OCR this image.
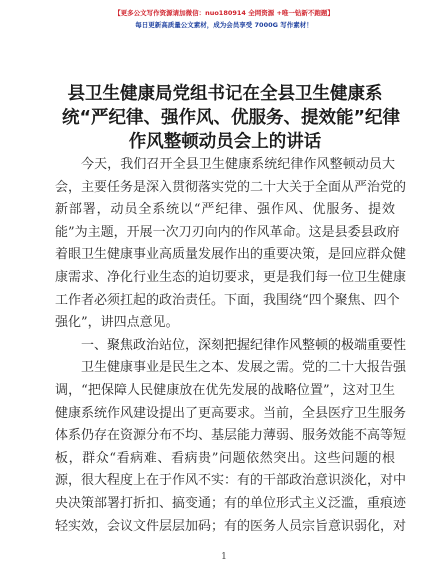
【更多公文写作资源请加微信：nuo180914 全网资源 +唯一钻新不跑题】
每日更新高质量公文素材，成为会员享受 7000G 写作素材！
县卫生健康局党组书记在全县卫生健康系
统“严纪律、强作风、优服务、提效能”纪律
作风整顿动员会上的讲话
今天，我们召开全县卫生健康系统纪律作风整顿动员大
会，主要任务是深入贯彻落实党的二十大关于全面从严治党的
新部署，动员全系统以“严纪律、强作风、优服务、提效
能”为主题，开展一次刀刃向内的作风革命。这是县委县政府
着眼卫生健康事业高质量发展作出的重要决策，是回应群众健
康需求、净化行业生态的迫切要求，更是我们每一位卫生健康
工作者必须扛起的政治责任。下面，我围绕“四个聚焦、四个
强化”，讲四点意见。
一、聚焦政治站位，深刻把握纪律作风整顿的极端重要性
卫生健康事业是民生之本、发展之需。党的二十大报告强
调，“把保障人民健康放在优先发展的战略位置”，这对卫生
健康系统作风建设提出了更高要求。当前，全县医疗卫生服务
体系仍存在资源分布不均、基层能力薄弱、服务效能不高等短
板，群众“看病难、看病贵”问题依然突出。这些问题的根
源，很大程度上在于作风不实：有的干部政治意识淡化，对中
央决策部署打折扣、搞变通；有的单位形式主义泛滥，重痕迹
轻实效，会议文件层层加码；有的医务人员宗旨意识弱化，对
1
